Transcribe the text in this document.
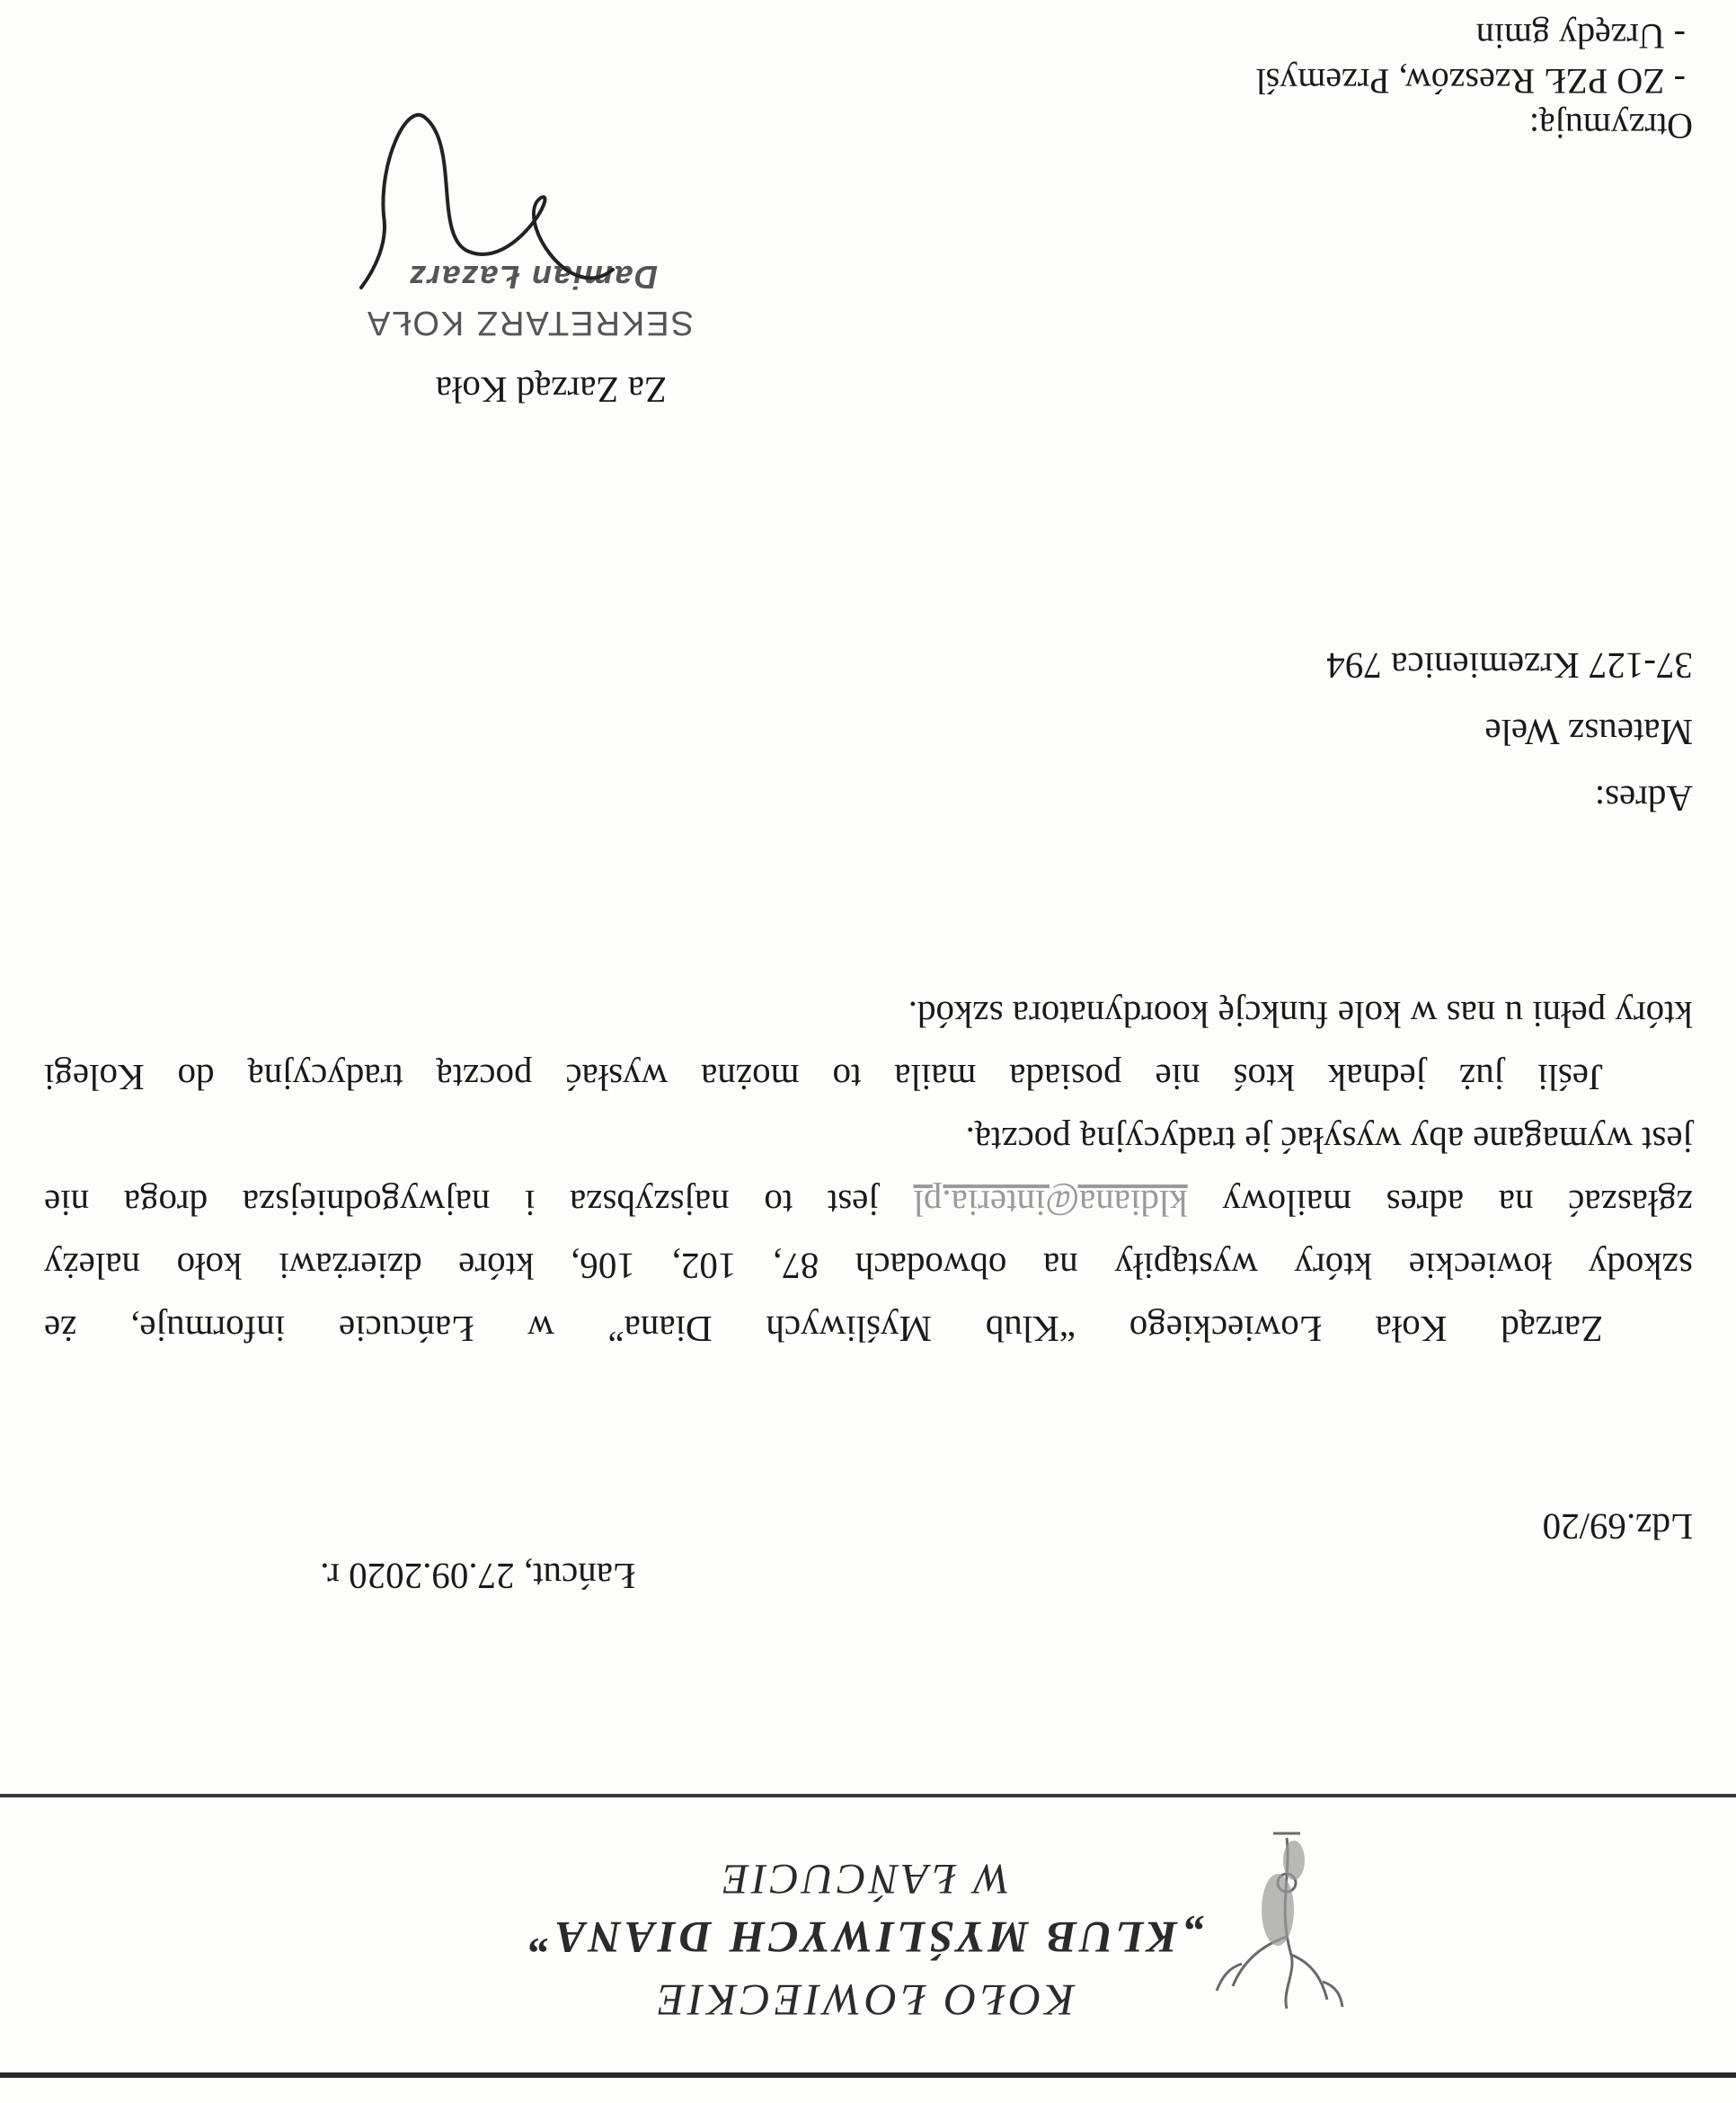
KOŁO ŁOWIECKIE
„KLUB MYŚLIWYCH DIANA”
W ŁAŃCUCIE
Łańcut, 27.09.2020 r.
Ldz.69/20
Zarząd Koła Łowieckiego “Klub Myśliwych Diana” w Łańcucie informuje, że
szkody łowieckie który wystąpiły na obwodach 87, 102, 106, które dzierżawi koło należy
zgłaszać na adres mailowy kldiana@interia.pl jest to najszybsza i najwygodniejsza droga nie
jest wymagane aby wysyłać je tradycyjną pocztą.
Jeśli już jednak ktoś nie posiada maila to można wysłać pocztą tradycyjną do Kolegi
który pełni u nas w kole funkcję koordynatora szkód.
Adres:
Mateusz Wele
37-127 Krzemienica 794
Za Zarząd Koła
SEKRETARZ KOŁA
Damian Łazarz
Otrzymują:
- ZO PZŁ Rzeszów, Przemyśl
- Urzędy gmin
